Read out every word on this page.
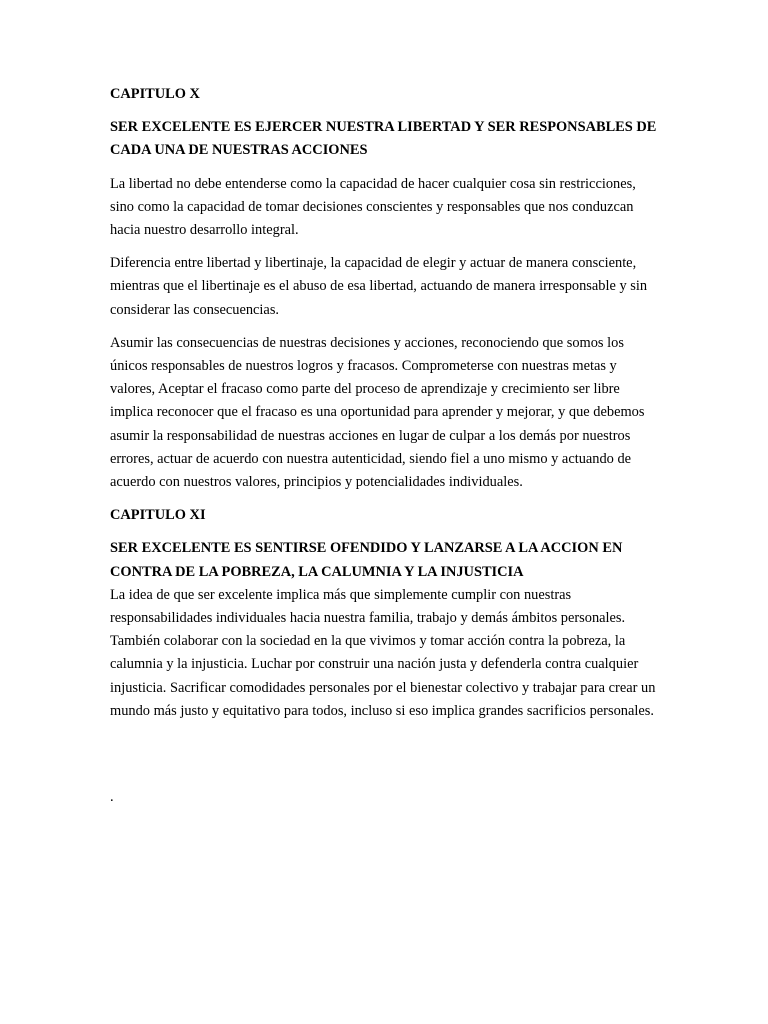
CAPITULO X

SER EXCELENTE ES EJERCER NUESTRA LIBERTAD Y SER RESPONSABLES DE CADA UNA DE NUESTRAS ACCIONES

La libertad no debe entenderse como la capacidad de hacer cualquier cosa sin restricciones, sino como la capacidad de tomar decisiones conscientes y responsables que nos conduzcan hacia nuestro desarrollo integral.

Diferencia entre libertad y libertinaje, la capacidad de elegir y actuar de manera consciente, mientras que el libertinaje es el abuso de esa libertad, actuando de manera irresponsable y sin considerar las consecuencias.

Asumir las consecuencias de nuestras decisiones y acciones, reconociendo que somos los únicos responsables de nuestros logros y fracasos. Comprometerse con nuestras metas y valores, Aceptar el fracaso como parte del proceso de aprendizaje y crecimiento ser libre implica reconocer que el fracaso es una oportunidad para aprender y mejorar, y que debemos asumir la responsabilidad de nuestras acciones en lugar de culpar a los demás por nuestros errores, actuar de acuerdo con nuestra autenticidad, siendo fiel a uno mismo y actuando de acuerdo con nuestros valores, principios y potencialidades individuales.

CAPITULO XI

SER EXCELENTE ES SENTIRSE OFENDIDO Y LANZARSE A LA ACCION EN CONTRA DE LA POBREZA, LA CALUMNIA Y LA INJUSTICIA

La idea de que ser excelente implica más que simplemente cumplir con nuestras responsabilidades individuales hacia nuestra familia, trabajo y demás ámbitos personales. También colaborar con la sociedad en la que vivimos y tomar acción contra la pobreza, la calumnia y la injusticia. Luchar por construir una nación justa y defenderla contra cualquier injusticia. Sacrificar comodidades personales por el bienestar colectivo y trabajar para crear un mundo más justo y equitativo para todos, incluso si eso implica grandes sacrificios personales.

.
